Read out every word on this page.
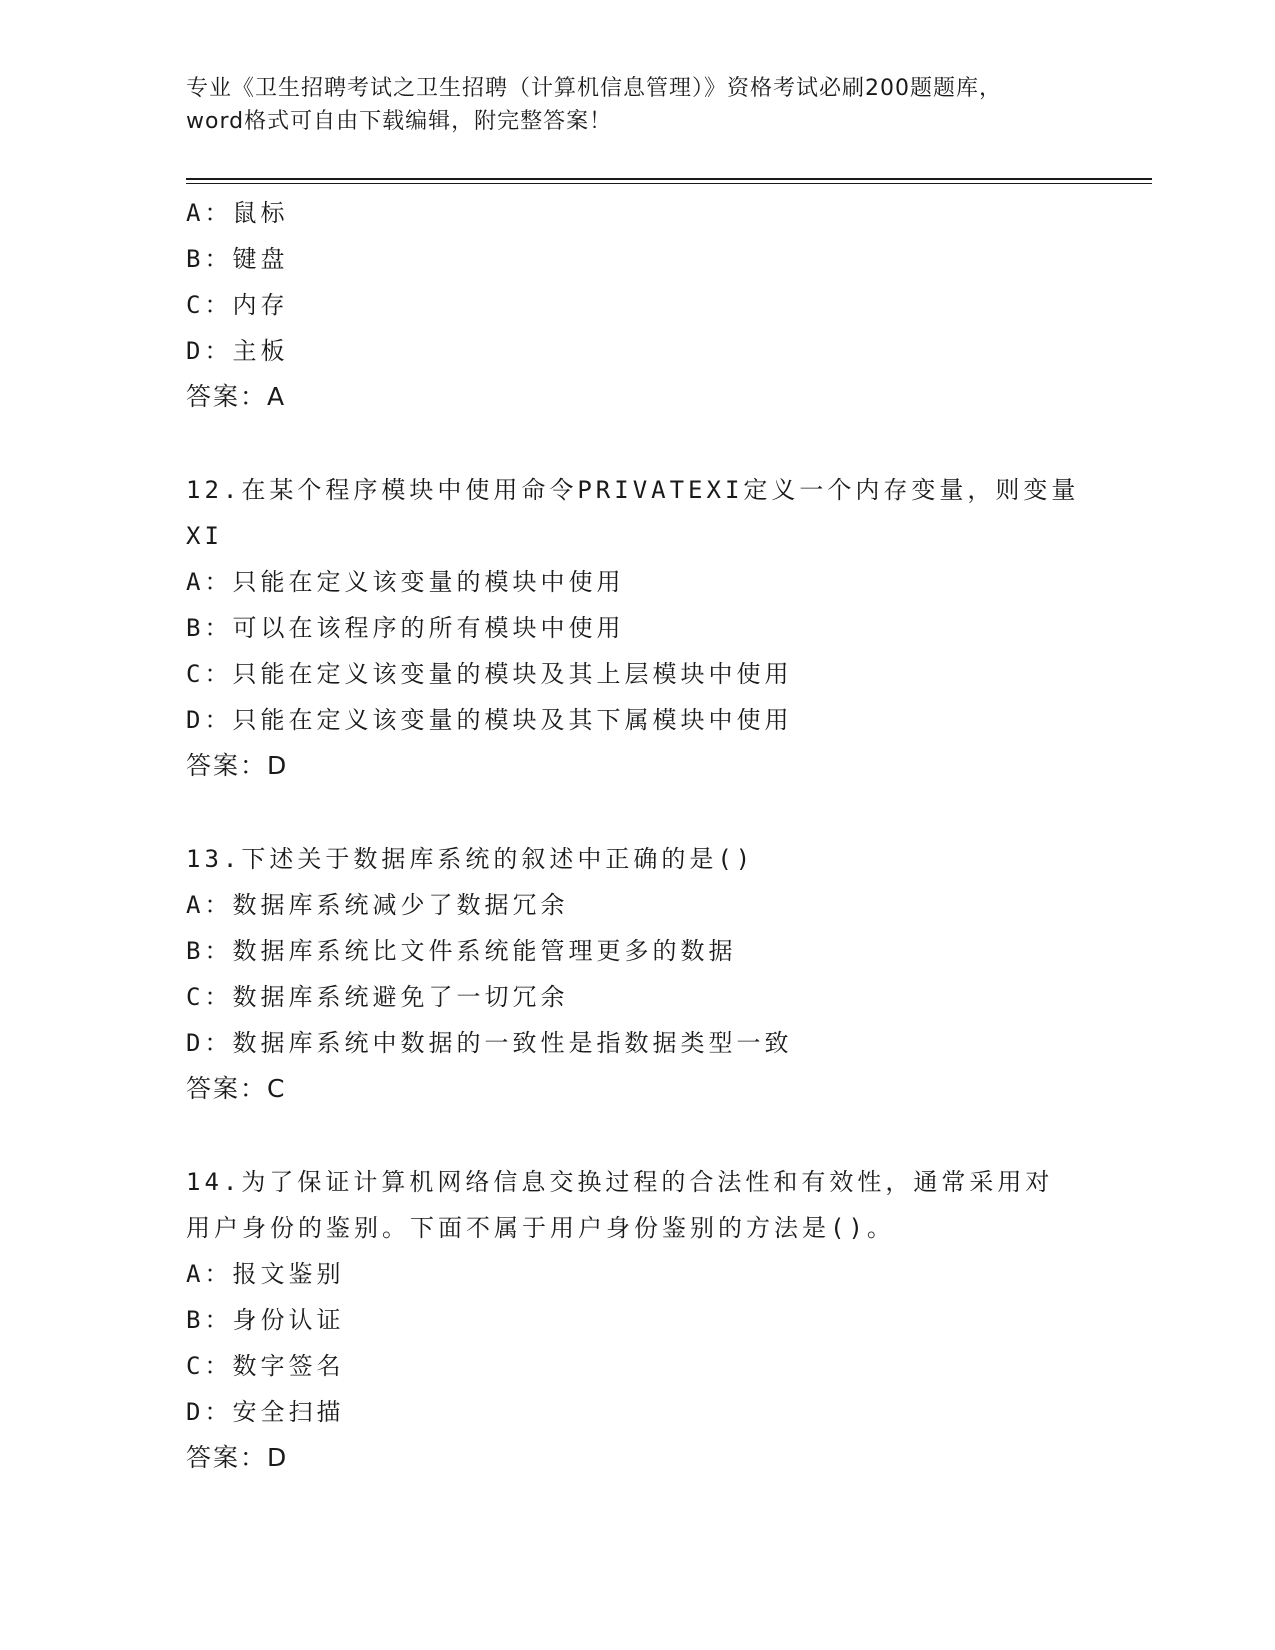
专业《卫生招聘考试之卫生招聘（计算机信息管理）》资格考试必刷200题题库，
word格式可自由下载编辑，附完整答案！
A：鼠标
B：键盘
C：内存
D：主板
答案：A
12.在某个程序模块中使用命令PRIVATEXI定义一个内存变量，则变量
XI
A：只能在定义该变量的模块中使用
B：可以在该程序的所有模块中使用
C：只能在定义该变量的模块及其上层模块中使用
D：只能在定义该变量的模块及其下属模块中使用
答案：D
13.下述关于数据库系统的叙述中正确的是()
A：数据库系统减少了数据冗余
B：数据库系统比文件系统能管理更多的数据
C：数据库系统避免了一切冗余
D：数据库系统中数据的一致性是指数据类型一致
答案：C
14.为了保证计算机网络信息交换过程的合法性和有效性，通常采用对
用户身份的鉴别。下面不属于用户身份鉴别的方法是()。
A：报文鉴别
B：身份认证
C：数字签名
D：安全扫描
答案：D
